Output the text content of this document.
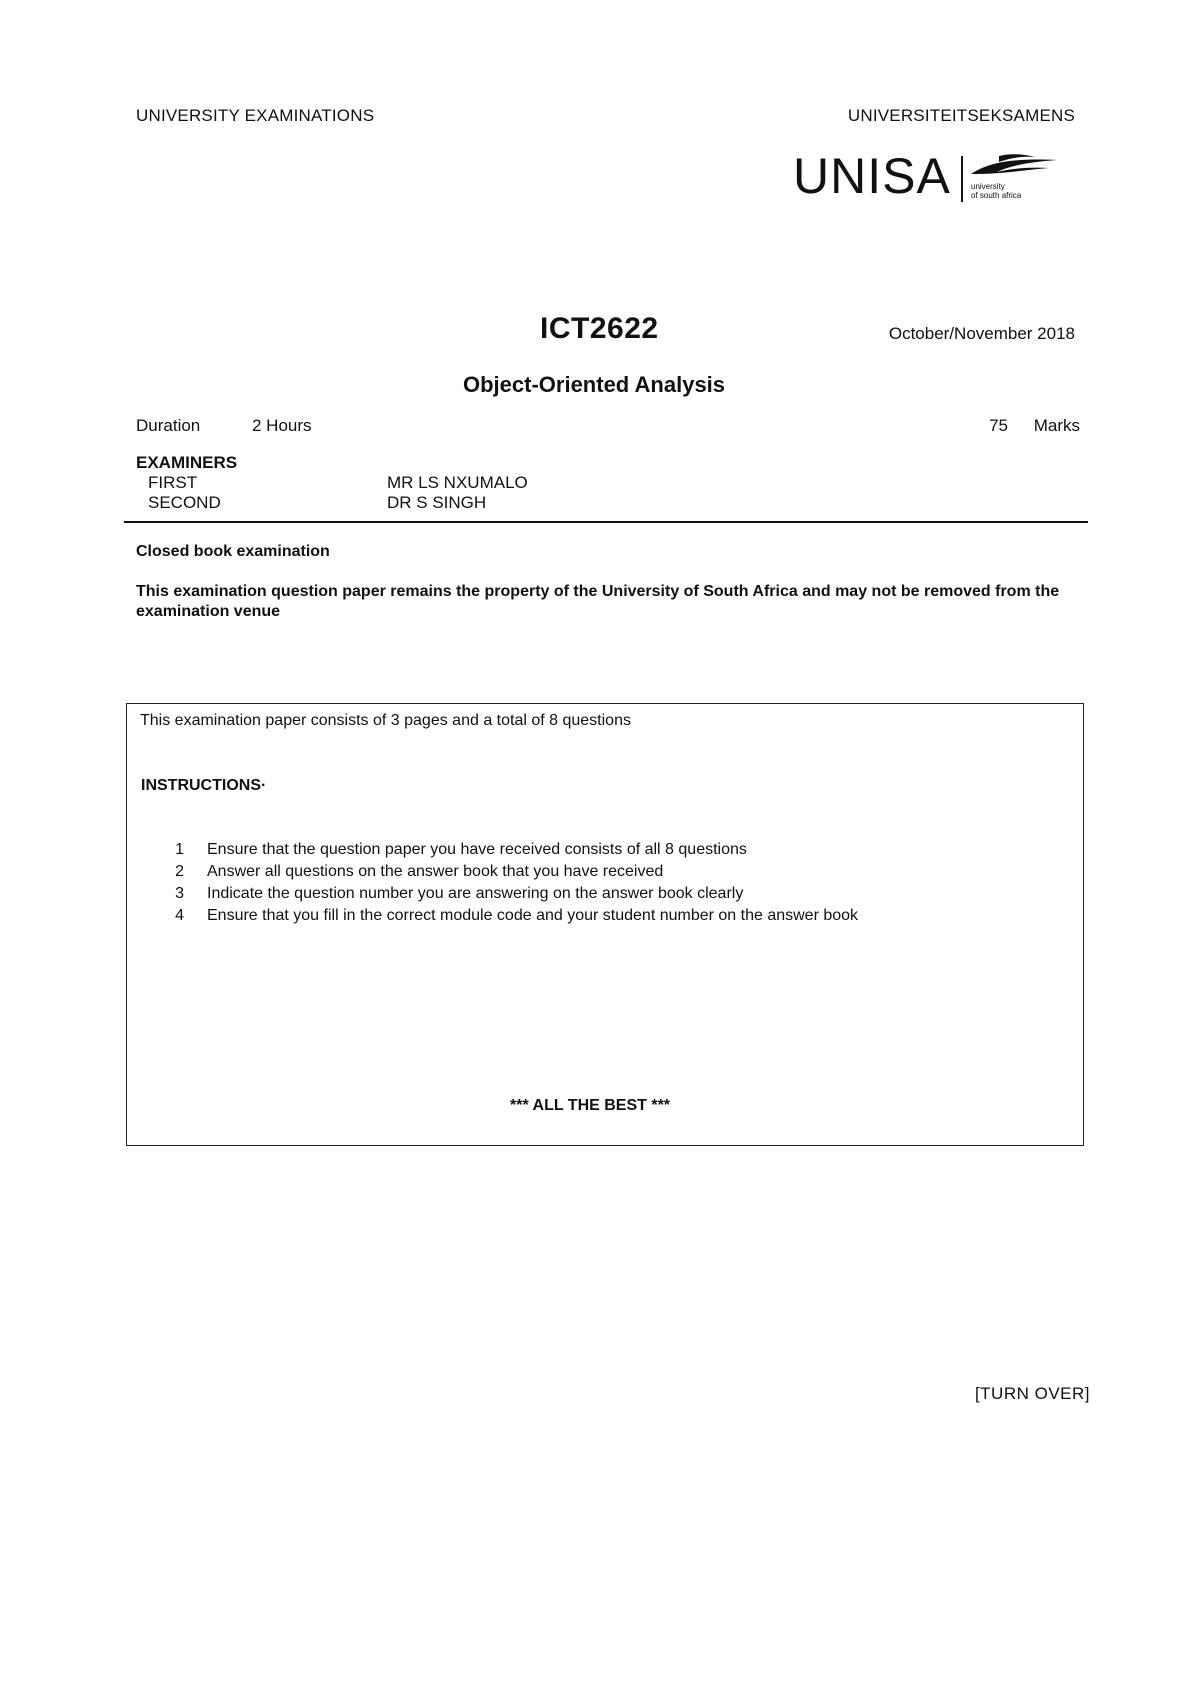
UNIVERSITY EXAMINATIONS	UNIVERSITEITSEKSAMENS
UNISA	university
of south africa
ICT2622	October/November 2018
Object-Oriented Analysis
Duration	2 Hours	75 Marks
EXAMINERS
FIRST	MR LS NXUMALO
SECOND	DR S SINGH
Closed book examination
This examination question paper remains the property of the University of South Africa and may not be removed from the examination venue
This examination paper consists of 3 pages and a total of 8 questions
INSTRUCTIONS·
1 Ensure that the question paper you have received consists of all 8 questions
2 Answer all questions on the answer book that you have received
3 Indicate the question number you are answering on the answer book clearly
4 Ensure that you fill in the correct module code and your student number on the answer book
*** ALL THE BEST ***
[TURN OVER]
